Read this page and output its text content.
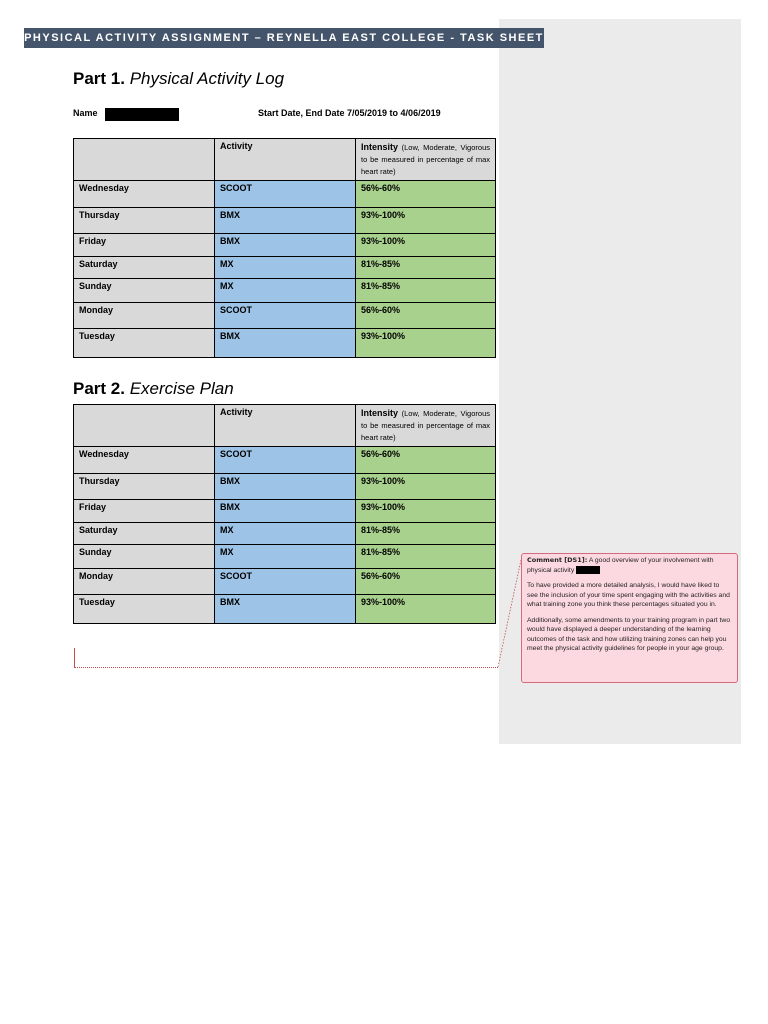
PHYSICAL ACTIVITY ASSIGNMENT – REYNELLA EAST COLLEGE - TASK SHEET
Part 1. Physical Activity Log
Name	Start Date, End Date 7/05/2019 to 4/06/2019
	Activity	Intensity (Low, Moderate, Vigorous to be measured in percentage of max heart rate)

Wednesday	SCOOT	56%-60%
Thursday	BMX	93%-100%
Friday	BMX	93%-100%
Saturday	MX	81%-85%
Sunday	MX	81%-85%
Monday	SCOOT	56%-60%
Tuesday	BMX	93%-100%
Part 2. Exercise Plan
	Activity	Intensity (Low, Moderate, Vigorous to be measured in percentage of max heart rate)

Wednesday	SCOOT	56%-60%
Thursday	BMX	93%-100%
Friday	BMX	93%-100%
Saturday	MX	81%-85%
Sunday	MX	81%-85%
Monday	SCOOT	56%-60%
Tuesday	BMX	93%-100%

Comment [DS1]: A good overview of your involvement with physical activity

To have provided a more detailed analysis, I would have liked to see the inclusion of your time spent engaging with the activities and what training zone you think these percentages situated you in.

Additionally, some amendments to your training program in part two would have displayed a deeper understanding of the learning outcomes of the task and how utilizing training zones can help you meet the physical activity guidelines for people in your age group.
